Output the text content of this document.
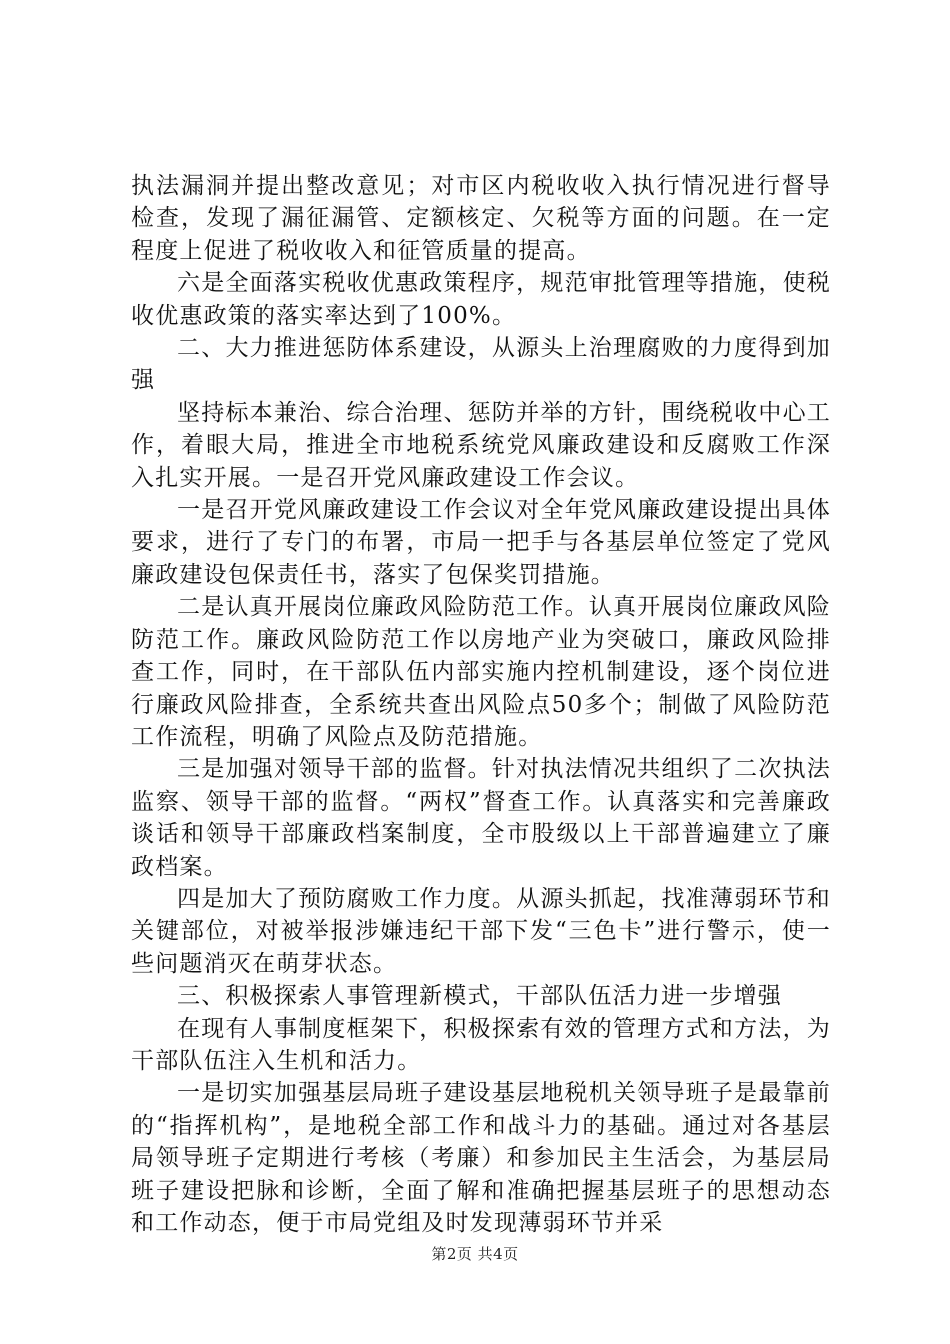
执法漏洞并提出整改意见；对市区内税收收入执行情况进行督导检查，发现了漏征漏管、定额核定、欠税等方面的问题。在一定程度上促进了税收收入和征管质量的提高。

六是全面落实税收优惠政策程序，规范审批管理等措施，使税收优惠政策的落实率达到了100%。

二、大力推进惩防体系建设，从源头上治理腐败的力度得到加强

坚持标本兼治、综合治理、惩防并举的方针，围绕税收中心工作，着眼大局，推进全市地税系统党风廉政建设和反腐败工作深入扎实开展。一是召开党风廉政建设工作会议。

一是召开党风廉政建设工作会议对全年党风廉政建设提出具体要求，进行了专门的布署，市局一把手与各基层单位签定了党风廉政建设包保责任书，落实了包保奖罚措施。

二是认真开展岗位廉政风险防范工作。认真开展岗位廉政风险防范工作。廉政风险防范工作以房地产业为突破口，廉政风险排查工作，同时，在干部队伍内部实施内控机制建设，逐个岗位进行廉政风险排查，全系统共查出风险点50多个；制做了风险防范工作流程，明确了风险点及防范措施。

三是加强对领导干部的监督。针对执法情况共组织了二次执法监察、领导干部的监督。“两权”督查工作。认真落实和完善廉政谈话和领导干部廉政档案制度，全市股级以上干部普遍建立了廉政档案。

四是加大了预防腐败工作力度。从源头抓起，找准薄弱环节和关键部位，对被举报涉嫌违纪干部下发“三色卡”进行警示，使一些问题消灭在萌芽状态。

三、积极探索人事管理新模式，干部队伍活力进一步增强

在现有人事制度框架下，积极探索有效的管理方式和方法，为干部队伍注入生机和活力。

一是切实加强基层局班子建设基层地税机关领导班子是最靠前的“指挥机构”，是地税全部工作和战斗力的基础。通过对各基层局领导班子定期进行考核（考廉）和参加民主生活会，为基层局班子建设把脉和诊断，全面了解和准确把握基层班子的思想动态和工作动态，便于市局党组及时发现薄弱环节并采

第2页 共4页
